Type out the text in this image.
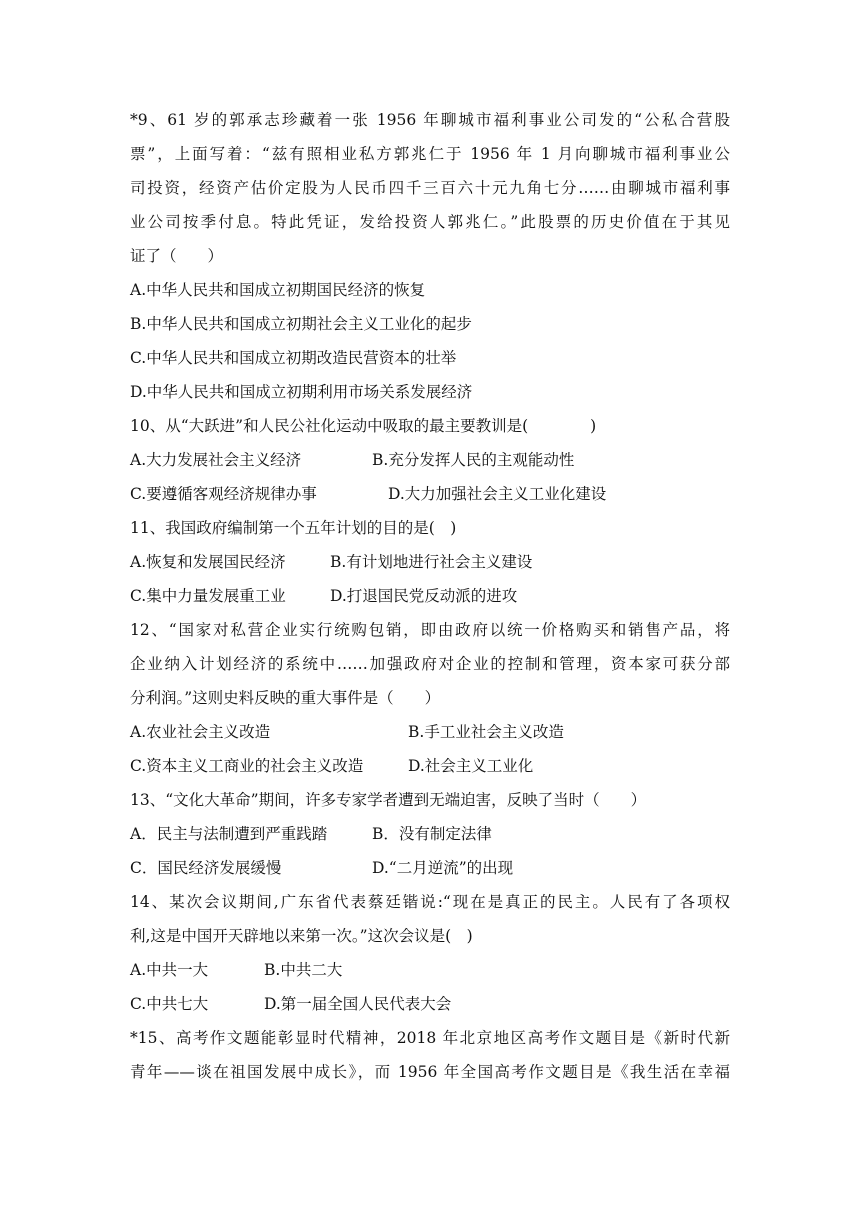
*9、61 岁的郭承志珍藏着一张 1956 年聊城市福利事业公司发的“公私合营股
票”，上面写着：“兹有照相业私方郭兆仁于 1956 年 1 月向聊城市福利事业公
司投资，经资产估价定股为人民币四千三百六十元九角七分……由聊城市福利事
业公司按季付息。特此凭证，发给投资人郭兆仁。”此股票的历史价值在于其见
证了（　　）
A.中华人民共和国成立初期国民经济的恢复
B.中华人民共和国成立初期社会主义工业化的起步
C.中华人民共和国成立初期改造民营资本的壮举
D.中华人民共和国成立初期利用市场关系发展经济
10、从“大跃进”和人民公社化运动中吸取的最主要教训是(　　　　)
A.大力发展社会主义经济	B.充分发挥人民的主观能动性
C.要遵循客观经济规律办事	D.大力加强社会主义工业化建设
11、我国政府编制第一个五年计划的目的是(　)
A.恢复和发展国民经济	B.有计划地进行社会主义建设
C.集中力量发展重工业	D.打退国民党反动派的进攻
12、“国家对私营企业实行统购包销，即由政府以统一价格购买和销售产品，将
企业纳入计划经济的系统中……加强政府对企业的控制和管理，资本家可获分部
分利润。”这则史料反映的重大事件是（　　）
A.农业社会主义改造	B.手工业社会主义改造
C.资本主义工商业的社会主义改造	D.社会主义工业化
13、“文化大革命”期间，许多专家学者遭到无端迫害，反映了当时（　　）
A．民主与法制遭到严重践踏	B．没有制定法律
C．国民经济发展缓慢	D.“二月逆流”的出现
14、某次会议期间,广东省代表蔡廷锴说:“现在是真正的民主。人民有了各项权
利,这是中国开天辟地以来第一次。”这次会议是(　)
A.中共一大	B.中共二大
C.中共七大	D.第一届全国人民代表大会
*15、高考作文题能彰显时代精神，2018 年北京地区高考作文题目是《新时代新
青年——谈在祖国发展中成长》，而 1956 年全国高考作文题目是《我生活在幸福
